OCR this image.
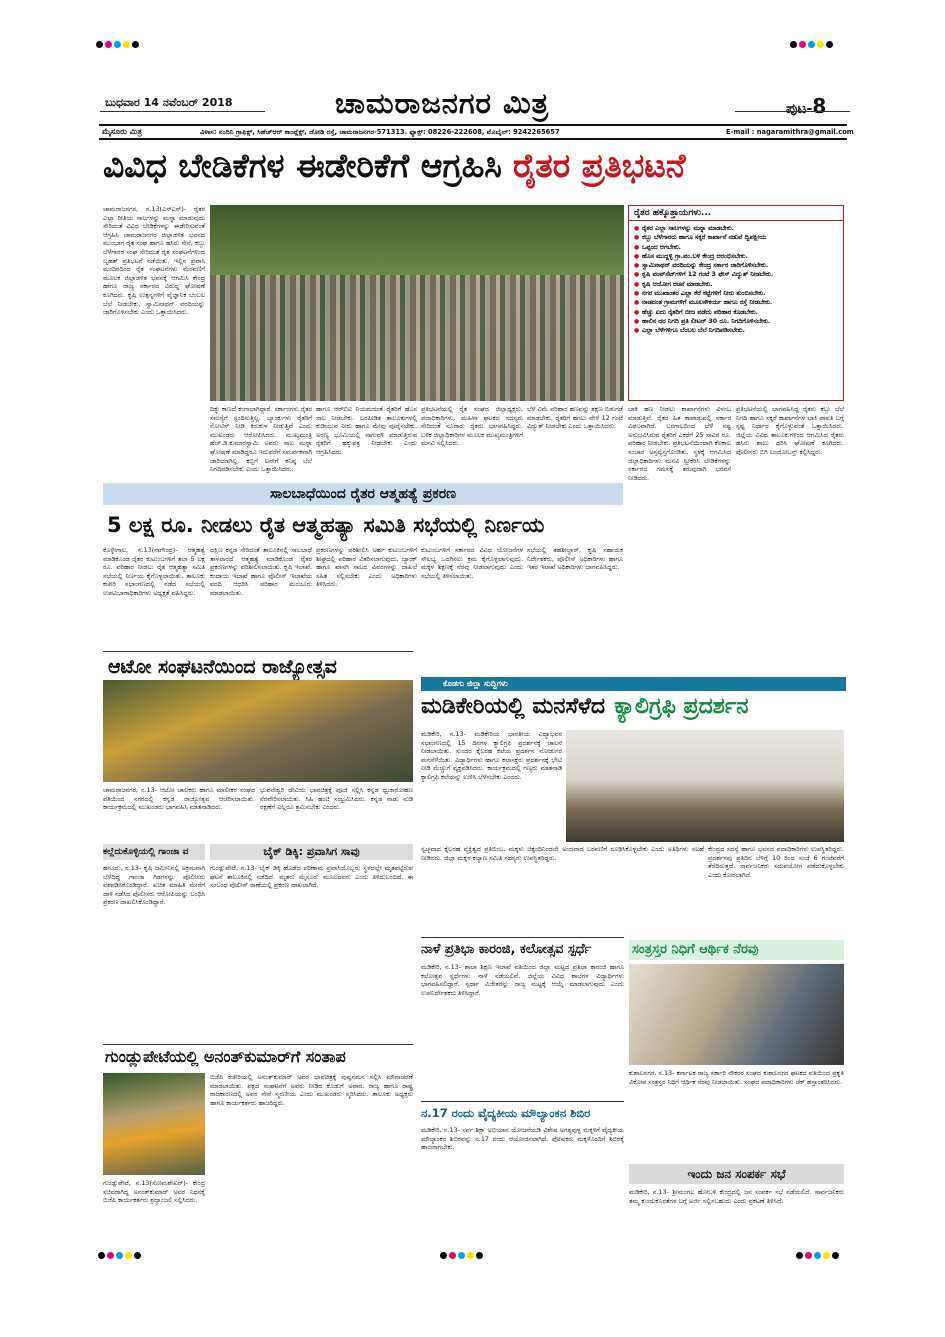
ಬುಧವಾರ 14 ನವೆಂಬರ್ 2018	ಚಾಮರಾಜನಗರ ಮಿತ್ರ	ಪುಟ-8
ಮೈಸೂರು ಮಿತ್ರ	ವಿಳಾಸ: ನಂದಿನಿ ಗ್ರಾಫಿಕ್ಸ್, ಸಿಹೆಚ್‌ಆರ್ ಕಾಂಪ್ಲೆಕ್ಸ್, ಜೋಡಿ ರಸ್ತೆ, ಚಾಮರಾಜನಗರ-571313. ಫ್ಯಾಕ್ಸ್: 08226-222608, ಮೊಬೈಲ್: 9242265657	E-mail : nagaramithra@gmail.com
ವಿವಿಧ ಬೇಡಿಕೆಗಳ ಈಡೇರಿಕೆಗೆ ಆಗ್ರಹಿಸಿ ರೈತರ ಪ್ರತಿಭಟನೆ
ಚಾಮರಾಜನಗರ, ನ.13(ಎಸ್‌ಎನ್)- ರೈತರ ಎಲ್ಲಾ ರೀತಿಯ ಸಾಲಗಳನ್ನು ಮನ್ನಾ ಮಾಡುವುದು ಸೇರಿದಂತೆ ವಿವಿಧ ಬೇಡಿಕೆಗಳನ್ನು ಈಡೇರಿಸುವಂತೆ ಆಗ್ರಹಿಸಿ ಚಾಮರಾಜನಗರ ಜಿಲ್ಲಾಡಳಿತ ಭವನದ ಮುಂಭಾಗ ರೈತ ಸಂಘ ಹಾಗೂ ಹಸಿರು ಸೇನೆ, ಕಬ್ಬು ಬೆಳೆಗಾರರ ಸಂಘ ಸೇರಿದಂತೆ ರೈತ ಸಂಘಟನೆಗಳಿಂದ ಬೃಹತ್ ಪ್ರತಿಭಟನೆ ನಡೆಯಿತು. ಇಲ್ಲಿನ ಪ್ರವಾಸಿ ಮಂದಿರದಿಂದ ರೈತ ಸಂಘಟನೆಗಳು ಮೆರವಣಿಗೆ ಮೂಲಕ ಜಿಲ್ಲಾಡಳಿತ ಭವನಕ್ಕೆ ಆಗಮಿಸಿ ಕೇಂದ್ರ ಹಾಗೂ ರಾಜ್ಯ ಸರ್ಕಾರದ ವಿರುದ್ಧ ಘೋಷಣೆ ಕೂಗಿದರು. ಕೃಷಿ ಉತ್ಪನ್ನಗಳಿಗೆ ವೈಜ್ಞಾನಿಕ ಬೆಂಬಲ ಬೆಲೆ ನೀಡಬೇಕು, ಸ್ವಾಮಿನಾಥನ್ ವರದಿಯನ್ನು ಜಾರಿಗೊಳಿಸಬೇಕು ಎಂದು ಒತ್ತಾಯಿಸಿದರು.
ರೈತರ ಹಕ್ಕೊತ್ತಾಯಗಳು...
● ರೈತರ ಎಲ್ಲಾ ಸಾಲಗಳನ್ನು ಮನ್ನಾ ಮಾಡಬೇಕು.
● ಕಬ್ಬು ಬೆಳೆಗಾರರು ಹಾಗೂ ಸಕ್ಕರೆ ಕಾರ್ಖಾನೆ ನಡುವೆ ದ್ವಿಪಕ್ಷೀಯ
● ಒಪ್ಪಂದ ಆಗಬೇಕು.
● ಹೊಸ ಮುದ್ದಳ್ಳಿ ಗ್ರಾ.ಪಂ.ಬಳಿ ಕೇಂದ್ರ ಆರಂಭಿಸಬೇಕು.
● ಸ್ವಾಮಿನಾಥನ್ ವರದಿಯನ್ನು ಕೇಂದ್ರ ಸರ್ಕಾರ ಜಾರಿಗೊಳಿಸಬೇಕು.
● ಕೃಷಿ ಪಂಪ್‌ಸೆಟ್‌ಗಳಿಗೆ 12 ಗಂಟೆ 3 ಫೇಸ್ ವಿದ್ಯುತ್ ನೀಡಬೇಕು.
● ಕೃಷಿ ಆಯೋಗ ರಚನೆ ಮಾಡಬೇಕು.
● ನಗರ ಮುಖಾಂತರ ಎಲ್ಲಾ ಕೆರೆ ಕಟ್ಟೆಗಳಿಗೆ ನೀರು ತುಂಬಿಸಬೇಕು.
● ನಾಡದಂತ ಗ್ರಾಮಗಳಿಗೆ ಮೂಲಸೌಕರ್ಯ ಹಾಗೂ ರಸ್ತೆ ನೀಡಬೇಕು.
● ಹೆಚ್ಚು ಐದು ರೈತರಿಗೆ ಬೀಜ ಪಡೆದು ಪರಿಹಾರ ಕೊಡಬೇಕು.
● ಹಾಲಿನ ದರ ನಿಗದಿ ಪ್ರತಿ ಲೀಟರ್ 30 ರೂ. ನಿಗದಿಗೊಳಿಸಬೇಕು.
● ಎಲ್ಲಾ ಬೆಳೆಗಳಿಗೂ ಬೆಂಬಲ ಬೆಲೆ ನಿಗದಿಪಡಿಸಬೇಕು.
ದಿಕ್ಕು ಕಾಣದೆ ಕಂಗಾಲಾಗಿದ್ದಾರೆ. ಸರ್ಕಾರಗಳು ರೈತರ ಸಮಸ್ಯೆಗೆ ಸ್ಪಂದಿಸುತ್ತಿಲ್ಲ. ಬ್ಯಾಂಕುಗಳು ರೈತರಿಗೆ ನೋಟಿಸ್ ನೀಡಿ ಕಿರುಕುಳ ನೀಡುತ್ತಿವೆ ಎಂದು ಮುಖಂಡರು ಆರೋಪಿಸಿದರು. ಮುಖ್ಯಮಂತ್ರಿ ಹೆಚ್.ಡಿ.ಕುಮಾರಸ್ವಾಮಿ ಅವರು ಸಾಲ ಮನ್ನಾ ಘೋಷಣೆ ಮಾಡಿದ್ದರೂ ಇದುವರೆಗೆ ಸಮರ್ಪಕವಾಗಿ ಜಾರಿಯಾಗಿಲ್ಲ. ಕಬ್ಬಿಗೆ ಟನ್‌ಗೆ ಕನಿಷ್ಠ ಬೆಲೆ ನಿಗದಿಪಡಿಸಬೇಕು ಎಂದು ಒತ್ತಾಯಿಸಿದರು.
ಹಾಗೂ ಆರ್‌ಬಿಐ ನಿಯಮದಂತೆ ರೈತರಿಗೆ ಹೊಸ ಸಾಲ ನೀಡಬೇಕು. ಬರಪೀಡಿತ ತಾಲೂಕುಗಳಲ್ಲಿ ಕುಡಿಯುವ ನೀರು ಹಾಗೂ ಮೇವು ಪೂರೈಸಬೇಕು. ಅರಣ್ಯ ಭೂಮಿಯಲ್ಲಿ ಸಾಗುವಳಿ ಮಾಡುತ್ತಿರುವ ರೈತರಿಗೆ ಹಕ್ಕುಪತ್ರ ನೀಡಬೇಕು ಎಂದು ಆಗ್ರಹಿಸಿದರು.
ಪ್ರತಿಭಟನೆಯಲ್ಲಿ ರೈತ ಸಂಘದ ಜಿಲ್ಲಾಧ್ಯಕ್ಷರು, ಪದಾಧಿಕಾರಿಗಳು, ಮಹಿಳಾ ಘಟಕದ ಸದಸ್ಯರು ಸೇರಿದಂತೆ ನೂರಾರು ರೈತರು ಭಾಗವಹಿಸಿದ್ದರು. ಬಳಿಕ ಜಿಲ್ಲಾಧಿಕಾರಿಗಳ ಮೂಲಕ ಮುಖ್ಯಮಂತ್ರಿಗಳಿಗೆ ಮನವಿ ಸಲ್ಲಿಸಿದರು.
ಬೆಳೆ ವಿಮೆ ಪರಿಹಾರ ಹಣವನ್ನು ತಕ್ಷಣ ಬಿಡುಗಡೆ ಮಾಡಬೇಕು. ರೈತರಿಗೆ ಹಗಲು ವೇಳೆ 12 ಗಂಟೆ ವಿದ್ಯುತ್ ನೀಡಬೇಕು ಎಂದು ಒತ್ತಾಯಿಸಿದರು.
ಬಾಕಿ ಹಣ ನೀಡಲು ಕಾರ್ಖಾನೆಗಳು ವಿಳಂಬ ಮಾಡುತ್ತಿವೆ. ರೈತರ ಹಿತ ಕಾಪಾಡುವಲ್ಲಿ ಸರ್ಕಾರ ವಿಫಲವಾಗಿದೆ. ಬರಗಾಲದಿಂದ ಬೆಳೆ ನಷ್ಟ ಅನುಭವಿಸಿರುವ ರೈತರಿಗೆ ಎಕರೆಗೆ 25 ಸಾವಿರ ರೂ. ಪರಿಹಾರ ನೀಡಬೇಕು. ಪ್ರತಿಭಟನೆಯಿಂದಾಗಿ ಕೆಲಕಾಲ ಸಂಚಾರ ಅಸ್ತವ್ಯಸ್ತಗೊಂಡಿತು. ಸ್ಥಳಕ್ಕೆ ಆಗಮಿಸಿದ ಜಿಲ್ಲಾಧಿಕಾರಿಗಳು ಮನವಿ ಸ್ವೀಕರಿಸಿ ಬೇಡಿಕೆಗಳನ್ನು ಸರ್ಕಾರದ ಗಮನಕ್ಕೆ ತರುವುದಾಗಿ ಭರವಸೆ ನೀಡಿದರು.
ಪ್ರತಿಭಟನೆಯಲ್ಲಿ ಭಾಗವಹಿಸಿದ್ದ ರೈತರು ಕಬ್ಬು ಬೆಲೆ ನಿಗದಿ ಹಾಗೂ ಸಕ್ಕರೆ ಕಾರ್ಖಾನೆಗಳ ಬಾಕಿ ಪಾವತಿ ಬಗ್ಗೆ ಸ್ಪಷ್ಟ ನಿರ್ಧಾರ ಕೈಗೊಳ್ಳುವಂತೆ ಒತ್ತಾಯಿಸಿದರು. ಜಿಲ್ಲೆಯ ವಿವಿಧ ತಾಲೂಕುಗಳಿಂದ ಆಗಮಿಸಿದ ರೈತರು ಹಸಿರು ಶಾಲು ಧರಿಸಿ ಘೋಷಣೆ ಕೂಗಿದರು. ಪೊಲೀಸರು ಬಿಗಿ ಬಂದೋಬಸ್ತ್ ಕಲ್ಪಿಸಿದ್ದರು.
ಸಾಲಬಾಧೆಯಿಂದ ರೈತರ ಆತ್ಮಹತ್ಯೆ ಪ್ರಕರಣ
5 ಲಕ್ಷ ರೂ. ನೀಡಲು ರೈತ ಆತ್ಮಹತ್ಯಾ ಸಮಿತಿ ಸಭೆಯಲ್ಲಿ ನಿರ್ಣಯ
ಕೊಳ್ಳೇಗಾಲ, ನ.13(ನಾಗೇಂದ್ರ)- ಆತ್ಮಹತ್ಯೆ ಮಾಡಿಕೊಂಡ ರೈತರ ಕುಟುಂಬಗಳಿಗೆ ತಲಾ 5 ಲಕ್ಷ ರೂ. ಪರಿಹಾರ ನೀಡಲು ರೈತ ಆತ್ಮಹತ್ಯಾ ಸಮಿತಿ ಸಭೆಯಲ್ಲಿ ನಿರ್ಣಯ ಕೈಗೊಳ್ಳಲಾಯಿತು. ತಾಲೂಕು ಕಚೇರಿ ಸಭಾಂಗಣದಲ್ಲಿ ನಡೆದ ಸಭೆಯಲ್ಲಿ ಉಪವಿಭಾಗಾಧಿಕಾರಿಗಳು ಅಧ್ಯಕ್ಷತೆ ವಹಿಸಿದ್ದರು.
ದಕ್ಷಿಣ ಕನ್ನಡ ಸೇರಿದಂತೆ ತಾಲೂಕಿನಲ್ಲಿ ಸಾಲಬಾಧೆ ತಾಳಲಾರದೆ ಆತ್ಮಹತ್ಯೆ ಮಾಡಿಕೊಂಡ ರೈತರ ಪ್ರಕರಣಗಳನ್ನು ಪರಿಶೀಲಿಸಲಾಯಿತು. ಕೃಷಿ ಇಲಾಖೆ, ಕಂದಾಯ ಇಲಾಖೆ ಹಾಗೂ ಪೊಲೀಸ್ ಇಲಾಖೆಯ ವರದಿ ಆಧರಿಸಿ ಪರಿಹಾರ ಮಂಜೂರು ಮಾಡಲಾಯಿತು.
ಪ್ರಕರಣಗಳನ್ನು ಪರಿಶೀಲಿಸಿ ಅರ್ಹ ಕುಟುಂಬಗಳಿಗೆ ಶೀಘ್ರದಲ್ಲಿ ಪರಿಹಾರ ವಿತರಿಸಲಾಗುವುದು. ಬ್ಯಾಂಕ್ ಹಾಗೂ ಖಾಸಗಿ ಸಾಲದ ವಿವರಗಳನ್ನು ದಾಖಲೆ ಸಹಿತ ಸಲ್ಲಿಸಬೇಕು ಎಂದು ಅಧಿಕಾರಿಗಳು ತಿಳಿಸಿದರು.
ಕುಟುಂಬಗಳಿಗೆ ಸರ್ಕಾರದ ವಿವಿಧ ಯೋಜನೆಗಳ ಸೌಲಭ್ಯ ಒದಗಿಸಲು ಕ್ರಮ ಕೈಗೊಳ್ಳಲಾಗುವುದು. ಮಕ್ಕಳ ಶಿಕ್ಷಣಕ್ಕೆ ನೆರವು ನೀಡಲಾಗುವುದು ಎಂದು ಸಭೆಯಲ್ಲಿ ತಿಳಿಸಲಾಯಿತು.
ಸಭೆಯಲ್ಲಿ ತಹಶೀಲ್ದಾರ್, ಕೃಷಿ ಸಹಾಯಕ ನಿರ್ದೇಶಕರು, ಪೊಲೀಸ್ ಅಧಿಕಾರಿಗಳು ಹಾಗೂ ಇತರ ಇಲಾಖೆ ಅಧಿಕಾರಿಗಳು ಭಾಗವಹಿಸಿದ್ದರು.
ಆಟೋ ಸಂಘಟನೆಯಿಂದ ರಾಜ್ಯೋತ್ಸವ
ಚಾಮರಾಜನಗರ, ನ.13- ಆಟೋ ಚಾಲಕರು ಹಾಗೂ ಮಾಲೀಕರ ಸಂಘದ ವತಿಯಿಂದ ನಗರದಲ್ಲಿ ಕನ್ನಡ ರಾಜ್ಯೋತ್ಸವ ಆಚರಿಸಲಾಯಿತು. ಕಾರ್ಯಕ್ರಮದಲ್ಲಿ ಮುಖಂಡರು ಭಾಗವಹಿಸಿ ಮಾತನಾಡಿದರು.
ಭುವನೇಶ್ವರಿ ದೇವಿಯ ಭಾವಚಿತ್ರಕ್ಕೆ ಪೂಜೆ ಸಲ್ಲಿಸಿ ಕನ್ನಡ ಧ್ವಜಾರೋಹಣ ನೆರವೇರಿಸಲಾಯಿತು. ಸಿಹಿ ಹಂಚಿ ಸಂಭ್ರಮಿಸಿದರು. ಕನ್ನಡ ನಾಡು ನುಡಿ ರಕ್ಷಣೆಗೆ ಎಲ್ಲರೂ ಶ್ರಮಿಸಬೇಕು ಎಂದರು.
ಕಲ್ಲೆದುಕೊಳ್ಳಿಯಲ್ಲಿ ಗಾಂಜಾ ವ
ಹನೂರು, ನ.13- ಕೃಷಿ ಜಮೀನಿನಲ್ಲಿ ಅಕ್ರಮವಾಗಿ ಬೆಳೆದಿದ್ದ ಗಾಂಜಾ ಗಿಡಗಳನ್ನು ಪೊಲೀಸರು ವಶಪಡಿಸಿಕೊಂಡಿದ್ದಾರೆ. ಖಚಿತ ಮಾಹಿತಿ ಮೇರೆಗೆ ದಾಳಿ ನಡೆಸಿದ ಪೊಲೀಸರು ಆರೋಪಿಯನ್ನು ಬಂಧಿಸಿ ಪ್ರಕರಣ ದಾಖಲಿಸಿಕೊಂಡಿದ್ದಾರೆ.
ಬೈಕ್ ಡಿಕ್ಕಿ: ಪ್ರವಾಸಿಗ ಸಾವು
ಗುಂಡ್ಲುಪೇಟೆ, ನ.13- ಬೈಕ್ ಡಿಕ್ಕಿ ಹೊಡೆದ ಪರಿಣಾಮ ಪ್ರವಾಸಿಯೊಬ್ಬರು ಸ್ಥಳದಲ್ಲೇ ಮೃತಪಟ್ಟಿರುವ ಘಟನೆ ತಾಲೂಕಿನಲ್ಲಿ ನಡೆದಿದೆ. ಮೃತರು ಮೈಸೂರು ಮೂಲದವರು ಎಂದು ತಿಳಿದುಬಂದಿದೆ. ಈ ಸಂಬಂಧ ಪೊಲೀಸ್ ಠಾಣೆಯಲ್ಲಿ ಪ್ರಕರಣ ದಾಖಲಾಗಿದೆ.
ಗುಂಡ್ಲುಪೇಟೆಯಲ್ಲಿ ಅನಂತ್‌ಕುಮಾರ್‌ಗೆ ಸಂತಾಪ
ಗುಂಡ್ಲುಪೇಟೆ, ನ.13(ಸೋಮಶೇಖರ್)- ಕೇಂದ್ರ ಸಚಿವರಾಗಿದ್ದ ಅನಂತ್‌ಕುಮಾರ್ ಅವರ ನಿಧನಕ್ಕೆ ಬಿಜೆಪಿ ಕಾರ್ಯಕರ್ತರು ಶ್ರದ್ಧಾಂಜಲಿ ಸಲ್ಲಿಸಿದರು.
ಬಿಜೆಪಿ ಕಚೇರಿಯಲ್ಲಿ ಅನಂತ್‌ಕುಮಾರ್ ಅವರ ಭಾವಚಿತ್ರಕ್ಕೆ ಪುಷ್ಪನಮನ ಸಲ್ಲಿಸಿ ಮೌನಾಚರಣೆ ಮಾಡಲಾಯಿತು. ಪಕ್ಷದ ಸಂಘಟನೆಗೆ ಅವರು ನೀಡಿದ ಕೊಡುಗೆ ಅಪಾರ. ರಾಜ್ಯ ಹಾಗೂ ರಾಷ್ಟ್ರ ರಾಜಕಾರಣದಲ್ಲಿ ಅವರ ಸೇವೆ ಸ್ಮರಣೀಯ ಎಂದು ಮುಖಂಡರು ಸ್ಮರಿಸಿದರು. ತಾಲೂಕು ಅಧ್ಯಕ್ಷರು ಹಾಗೂ ಕಾರ್ಯಕರ್ತರು ಹಾಜರಿದ್ದರು.
ಕೊಡಗು ಜಿಲ್ಲಾ ಸುದ್ದಿಗಳು
ಮಡಿಕೇರಿಯಲ್ಲಿ ಮನಸೆಳೆದ ಕ್ಯಾಲಿಗ್ರಫಿ ಪ್ರದರ್ಶನ
ಮಡಿಕೇರಿ, ನ.13- ಮಡಿಕೇರಿಯ ಭಾರತೀಯ ವಿದ್ಯಾಭವನ ಸಭಾಂಗಣದಲ್ಲಿ 15 ದಿನಗಳ ಕ್ಯಾಲಿಗ್ರಫಿ ಪ್ರದರ್ಶನಕ್ಕೆ ಚಾಲನೆ ನೀಡಲಾಯಿತು. ಸುಂದರ ಕೈಬರಹ ಕಲೆಯ ಪ್ರದರ್ಶನ ನೋಡುಗರ ಮನಸೆಳೆಯಿತು. ವಿದ್ಯಾರ್ಥಿಗಳು ಹಾಗೂ ಕಲಾಸಕ್ತರು ಪ್ರದರ್ಶನಕ್ಕೆ ಭೇಟಿ ನೀಡಿ ಮೆಚ್ಚುಗೆ ವ್ಯಕ್ತಪಡಿಸಿದರು. ಕಾರ್ಯಕ್ರಮದಲ್ಲಿ ಗಣ್ಯರು ಮಾತನಾಡಿ ಕ್ಯಾಲಿಗ್ರಫಿ ಕಲೆಯನ್ನು ಉಳಿಸಿ ಬೆಳೆಸಬೇಕು ಎಂದರು.
ಸ್ವಚ್ಛವಾದ ಕೈಬರಹ ವ್ಯಕ್ತಿತ್ವದ ಪ್ರತಿಬಿಂಬ. ಮಕ್ಕಳು ಚಿಕ್ಕಂದಿನಿಂದಲೇ ಅಂದವಾದ ಬರವಣಿಗೆ ರೂಢಿಸಿಕೊಳ್ಳಬೇಕು ಎಂದು ಅತಿಥಿಗಳು ಸಲಹೆ ನೀಡಿದರು. ಜಿಲ್ಲಾ ಮಕ್ಕಳ ಕಲ್ಯಾಣ ಸಮಿತಿ ಸದಸ್ಯರು ಉಪಸ್ಥಿತರಿದ್ದರು.
ಕೇಂದ್ರದ ಸದಸ್ಯೆ ಹಾಗೂ ಭವನದ ಪದಾಧಿಕಾರಿಗಳು ಉಪಸ್ಥಿತರಿದ್ದರು. ಪ್ರದರ್ಶನವು ಪ್ರತಿದಿನ ಬೆಳಿಗ್ಗೆ 10 ರಿಂದ ಸಂಜೆ 6 ಗಂಟೆವರೆಗೆ ತೆರೆದಿರುತ್ತದೆ. ಸಾರ್ವಜನಿಕರು ಸದುಪಯೋಗ ಪಡೆದುಕೊಳ್ಳಬೇಕು ಎಂದು ಕೋರಲಾಗಿದೆ.
ನಾಳೆ ಪ್ರತಿಭಾ ಕಾರಂಜಿ, ಕಲೋತ್ಸವ ಸ್ಪರ್ಧೆ
ಮಡಿಕೇರಿ, ನ.13- ಶಾಲಾ ಶಿಕ್ಷಣ ಇಲಾಖೆ ವತಿಯಿಂದ ಜಿಲ್ಲಾ ಮಟ್ಟದ ಪ್ರತಿಭಾ ಕಾರಂಜಿ ಹಾಗೂ ಕಲೋತ್ಸವ ಸ್ಪರ್ಧೆಗಳು ನಾಳೆ ನಡೆಯಲಿವೆ. ಜಿಲ್ಲೆಯ ವಿವಿಧ ಶಾಲೆಗಳ ವಿದ್ಯಾರ್ಥಿಗಳು ಭಾಗವಹಿಸಲಿದ್ದಾರೆ. ಸ್ಪರ್ಧಾ ವಿಜೇತರನ್ನು ರಾಜ್ಯ ಮಟ್ಟಕ್ಕೆ ಆಯ್ಕೆ ಮಾಡಲಾಗುವುದು ಎಂದು ಉಪನಿರ್ದೇಶಕರು ತಿಳಿಸಿದ್ದಾರೆ.
ನ.17 ರಂದು ವೈದ್ಯಕೀಯ ಮೌಲ್ಯಾಂಕನ ಶಿಬಿರ
ಮಡಿಕೇರಿ, ನ.13- ಸರ್ವ ಶಿಕ್ಷಾ ಅಭಿಯಾನ ಯೋಜನೆಯಡಿ ವಿಶೇಷ ಅಗತ್ಯವುಳ್ಳ ಮಕ್ಕಳಿಗೆ ವೈದ್ಯಕೀಯ ಮೌಲ್ಯಾಂಕನ ಶಿಬಿರವನ್ನು ನ.17 ರಂದು ಆಯೋಜಿಸಲಾಗಿದೆ. ಪೋಷಕರು ಮಕ್ಕಳೊಂದಿಗೆ ಶಿಬಿರಕ್ಕೆ ಹಾಜರಾಗಬೇಕು.
ಸಂತ್ರಸ್ತರ ನಿಧಿಗೆ ಆರ್ಥಿಕ ನೆರವು
ಕುಶಾಲನಗರ, ನ.13- ಕರ್ನಾಟಕ ರಾಜ್ಯ ಸರ್ಕಾರಿ ನೌಕರರ ಸಂಘದ ಕುಶಾಲನಗರ ಘಟಕದ ವತಿಯಿಂದ ಪ್ರಕೃತಿ ವಿಕೋಪ ಸಂತ್ರಸ್ತರ ನಿಧಿಗೆ ಆರ್ಥಿಕ ನೆರವು ನೀಡಲಾಯಿತು. ಸಂಘದ ಪದಾಧಿಕಾರಿಗಳು ಚೆಕ್ ಹಸ್ತಾಂತರಿಸಿದರು.
ಇಂದು ಜನ ಸಂಪರ್ಕ ಸಭೆ
ಮಡಿಕೇರಿ, ನ.13- ಶ್ರೀಮಂಗಲ ಹೋಬಳಿ ಕೇಂದ್ರದಲ್ಲಿ ಜನ ಸಂಪರ್ಕ ಸಭೆ ನಡೆಯಲಿದೆ. ಸಾರ್ವಜನಿಕರು ತಮ್ಮ ಕುಂದುಕೊರತೆಗಳ ಬಗ್ಗೆ ಅರ್ಜಿ ಸಲ್ಲಿಸಬಹುದು ಎಂದು ಪ್ರಕಟಣೆ ತಿಳಿಸಿದೆ.
